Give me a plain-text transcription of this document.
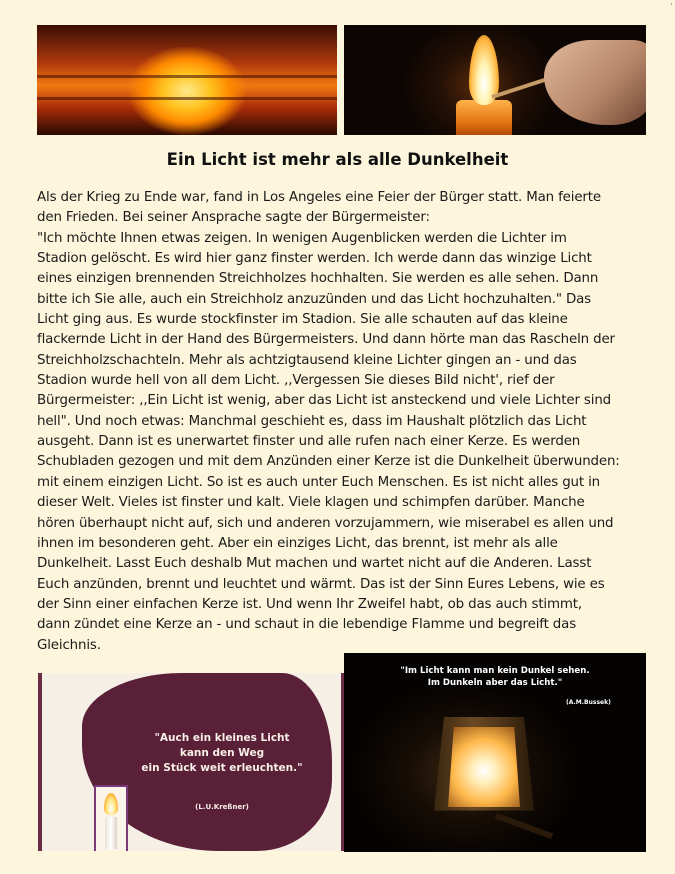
·
Ein Licht ist mehr als alle Dunkelheit

Als der Krieg zu Ende war, fand in Los Angeles eine Feier der Bürger statt. Man feierte
den Frieden. Bei seiner Ansprache sagte der Bürgermeister:
"Ich möchte Ihnen etwas zeigen. In wenigen Augenblicken werden die Lichter im
Stadion gelöscht. Es wird hier ganz finster werden. Ich werde dann das winzige Licht
eines einzigen brennenden Streichholzes hochhalten. Sie werden es alle sehen. Dann
bitte ich Sie alle, auch ein Streichholz anzuzünden und das Licht hochzuhalten." Das
Licht ging aus. Es wurde stockfinster im Stadion. Sie alle schauten auf das kleine
flackernde Licht in der Hand des Bürgermeisters. Und dann hörte man das Rascheln der
Streichholzschachteln. Mehr als achtzigtausend kleine Lichter gingen an - und das
Stadion wurde hell von all dem Licht. ,,Vergessen Sie dieses Bild nicht', rief der
Bürgermeister: ,,Ein Licht ist wenig, aber das Licht ist ansteckend und viele Lichter sind
hell". Und noch etwas: Manchmal geschieht es, dass im Haushalt plötzlich das Licht
ausgeht. Dann ist es unerwartet finster und alle rufen nach einer Kerze. Es werden
Schubladen gezogen und mit dem Anzünden einer Kerze ist die Dunkelheit überwunden:
mit einem einzigen Licht. So ist es auch unter Euch Menschen. Es ist nicht alles gut in
dieser Welt. Vieles ist finster und kalt. Viele klagen und schimpfen darüber. Manche
hören überhaupt nicht auf, sich und anderen vorzujammern, wie miserabel es allen und
ihnen im besonderen geht. Aber ein einziges Licht, das brennt, ist mehr als alle
Dunkelheit. Lasst Euch deshalb Mut machen und wartet nicht auf die Anderen. Lasst
Euch anzünden, brennt und leuchtet und wärmt. Das ist der Sinn Eures Lebens, wie es
der Sinn einer einfachen Kerze ist. Und wenn Ihr Zweifel habt, ob das auch stimmt,
dann zündet eine Kerze an - und schaut in die lebendige Flamme und begreift das
Gleichnis.

"Auch ein kleines Licht
kann den Weg
ein Stück weit erleuchten."
(L.U.Kreßner)
"Im Licht kann man kein Dunkel sehen.
Im Dunkeln aber das Licht."
(A.M.Bussek)
